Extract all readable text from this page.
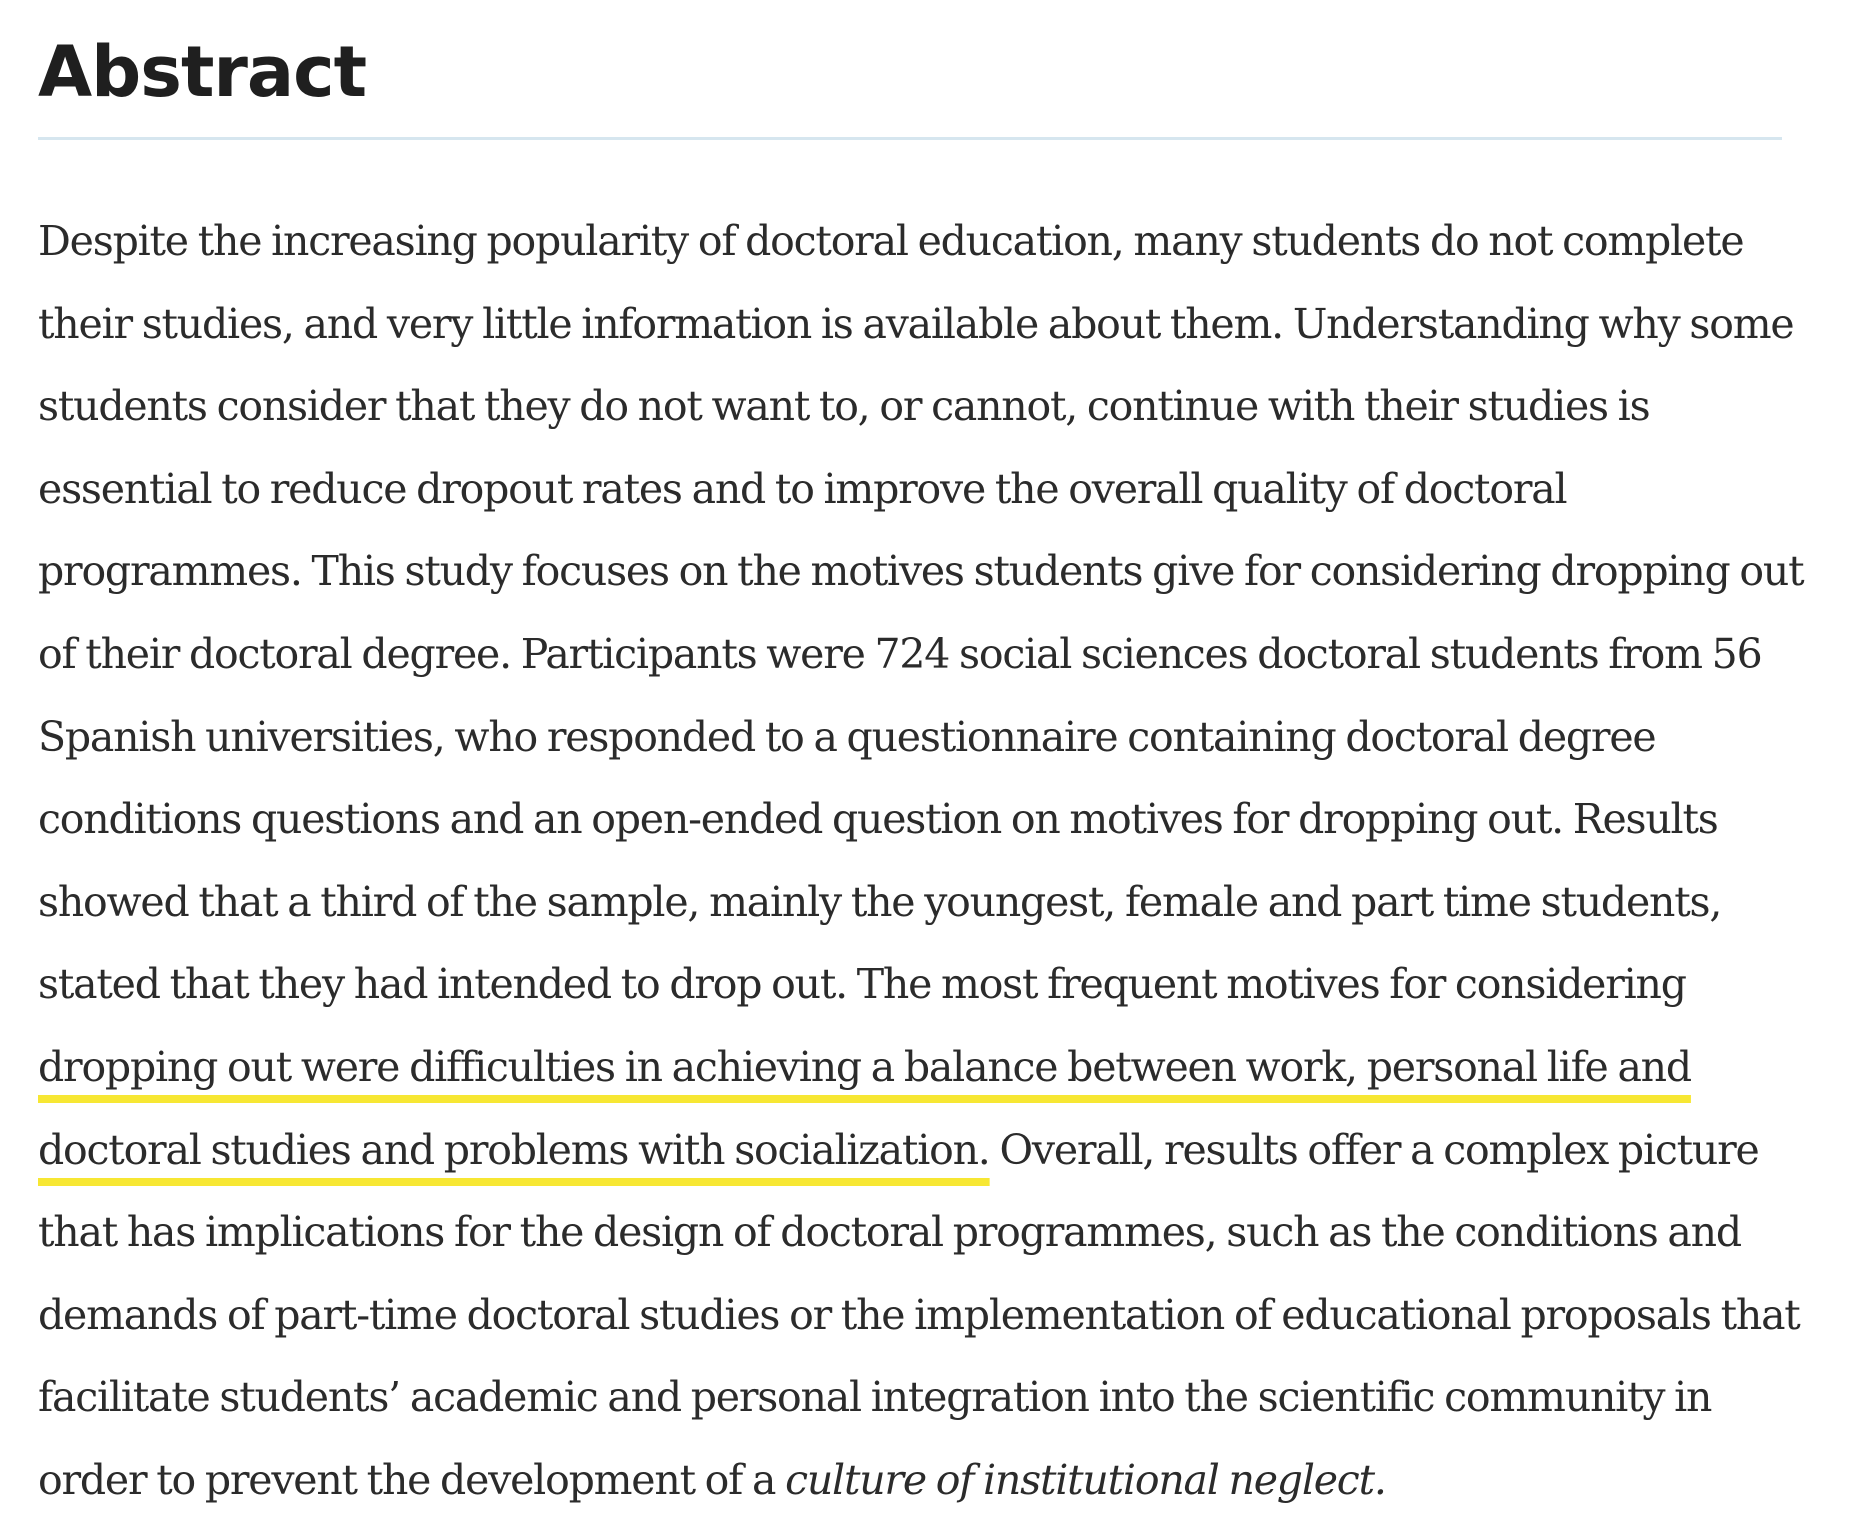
Abstract
Despite the increasing popularity of doctoral education, many students do not complete
their studies, and very little information is available about them. Understanding why some
students consider that they do not want to, or cannot, continue with their studies is
essential to reduce dropout rates and to improve the overall quality of doctoral
programmes. This study focuses on the motives students give for considering dropping out
of their doctoral degree. Participants were 724 social sciences doctoral students from 56
Spanish universities, who responded to a questionnaire containing doctoral degree
conditions questions and an open-ended question on motives for dropping out. Results
showed that a third of the sample, mainly the youngest, female and part time students,
stated that they had intended to drop out. The most frequent motives for considering
dropping out were difficulties in achieving a balance between work, personal life and
doctoral studies and problems with socialization. Overall, results offer a complex picture
that has implications for the design of doctoral programmes, such as the conditions and
demands of part-time doctoral studies or the implementation of educational proposals that
facilitate students’ academic and personal integration into the scientific community in
order to prevent the development of a culture of institutional neglect.
